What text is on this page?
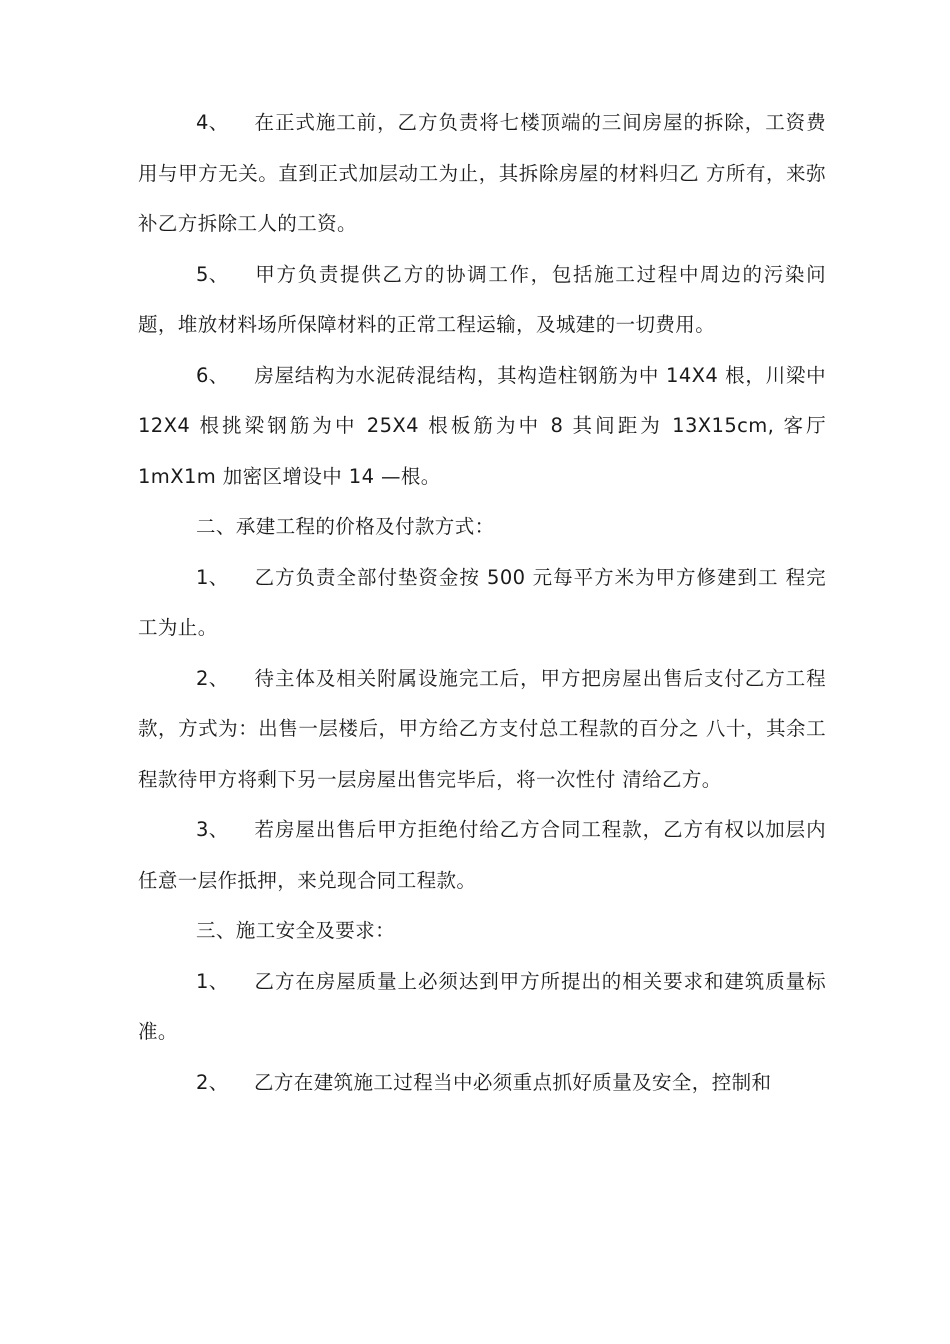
4、 在正式施工前，乙方负责将七楼顶端的三间房屋的拆除，工资费用与甲方无关。直到正式加层动工为止，其拆除房屋的材料归乙 方所有，来弥补乙方拆除工人的工资。

5、 甲方负责提供乙方的协调工作，包括施工过程中周边的污染问题，堆放材料场所保障材料的正常工程运输，及城建的一切费用。

6、 房屋结构为水泥砖混结构，其构造柱钢筋为中 14X4 根，川梁中 12X4 根挑梁钢筋为中 25X4 根板筋为中 8 其间距为 13X15cm, 客厅 1mX1m 加密区增设中 14 —根。

二、承建工程的价格及付款方式：

1、 乙方负责全部付垫资金按 500 元每平方米为甲方修建到工 程完工为止。

2、 待主体及相关附属设施完工后，甲方把房屋出售后支付乙方工程款，方式为：出售一层楼后，甲方给乙方支付总工程款的百分之 八十，其余工程款待甲方将剩下另一层房屋出售完毕后，将一次性付 清给乙方。

3、 若房屋出售后甲方拒绝付给乙方合同工程款，乙方有权以加层内任意一层作抵押，来兑现合同工程款。

三、施工安全及要求：

1、 乙方在房屋质量上必须达到甲方所提出的相关要求和建筑质量标准。

2、 乙方在建筑施工过程当中必须重点抓好质量及安全，控制和
